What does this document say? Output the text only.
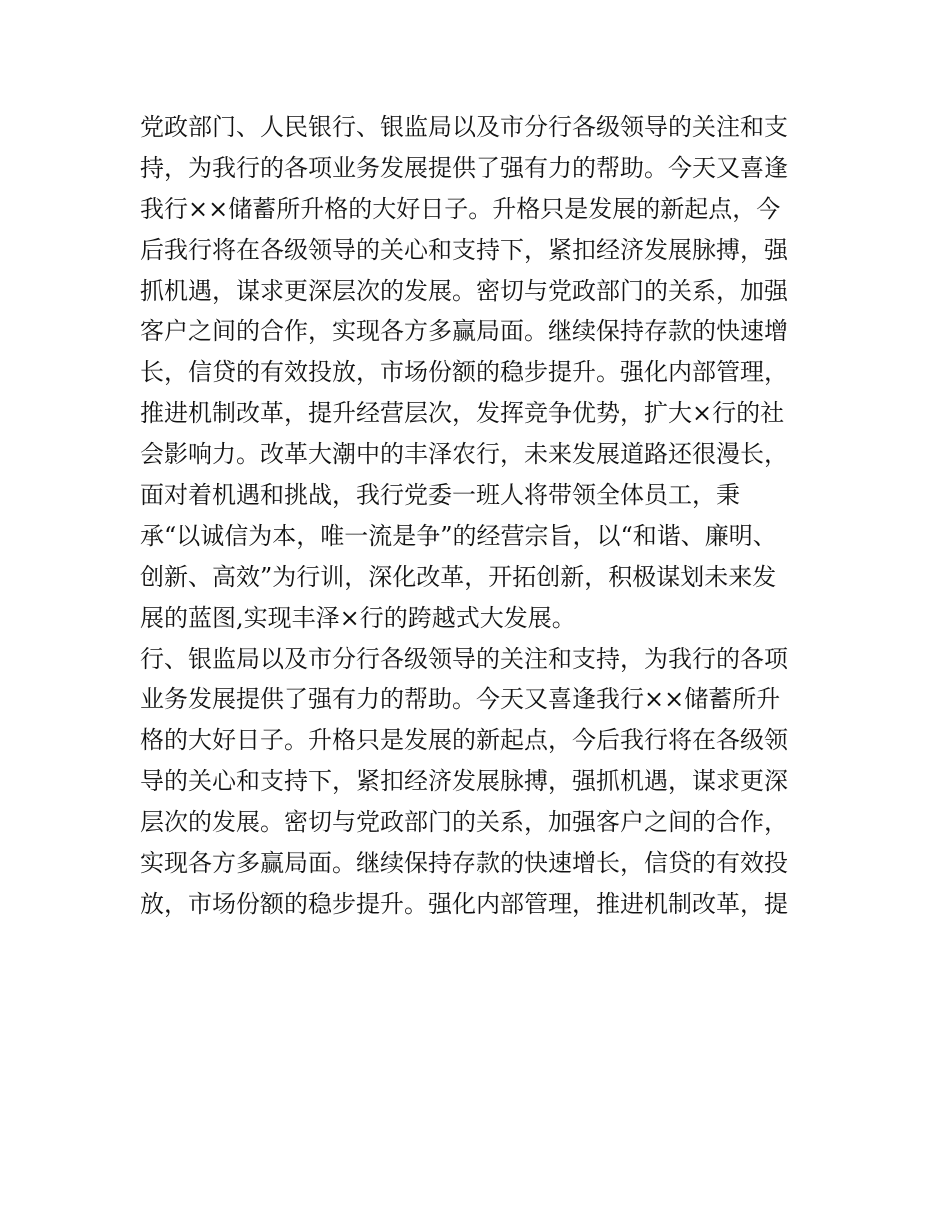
党政部门、人民银行、银监局以及市分行各级领导的关注和支
持，为我行的各项业务发展提供了强有力的帮助。今天又喜逢
我行××储蓄所升格的大好日子。升格只是发展的新起点，今
后我行将在各级领导的关心和支持下，紧扣经济发展脉搏，强
抓机遇，谋求更深层次的发展。密切与党政部门的关系，加强
客户之间的合作，实现各方多赢局面。继续保持存款的快速增
长，信贷的有效投放，市场份额的稳步提升。强化内部管理，
推进机制改革，提升经营层次，发挥竞争优势，扩大×行的社
会影响力。改革大潮中的丰泽农行，未来发展道路还很漫长，
面对着机遇和挑战，我行党委一班人将带领全体员工，秉
承“以诚信为本，唯一流是争”的经营宗旨，以“和谐、廉明、
创新、高效”为行训，深化改革，开拓创新，积极谋划未来发
展的蓝图,实现丰泽×行的跨越式大发展。
行、银监局以及市分行各级领导的关注和支持，为我行的各项
业务发展提供了强有力的帮助。今天又喜逢我行××储蓄所升
格的大好日子。升格只是发展的新起点，今后我行将在各级领
导的关心和支持下，紧扣经济发展脉搏，强抓机遇，谋求更深
层次的发展。密切与党政部门的关系，加强客户之间的合作，
实现各方多赢局面。继续保持存款的快速增长，信贷的有效投
放，市场份额的稳步提升。强化内部管理，推进机制改革，提
